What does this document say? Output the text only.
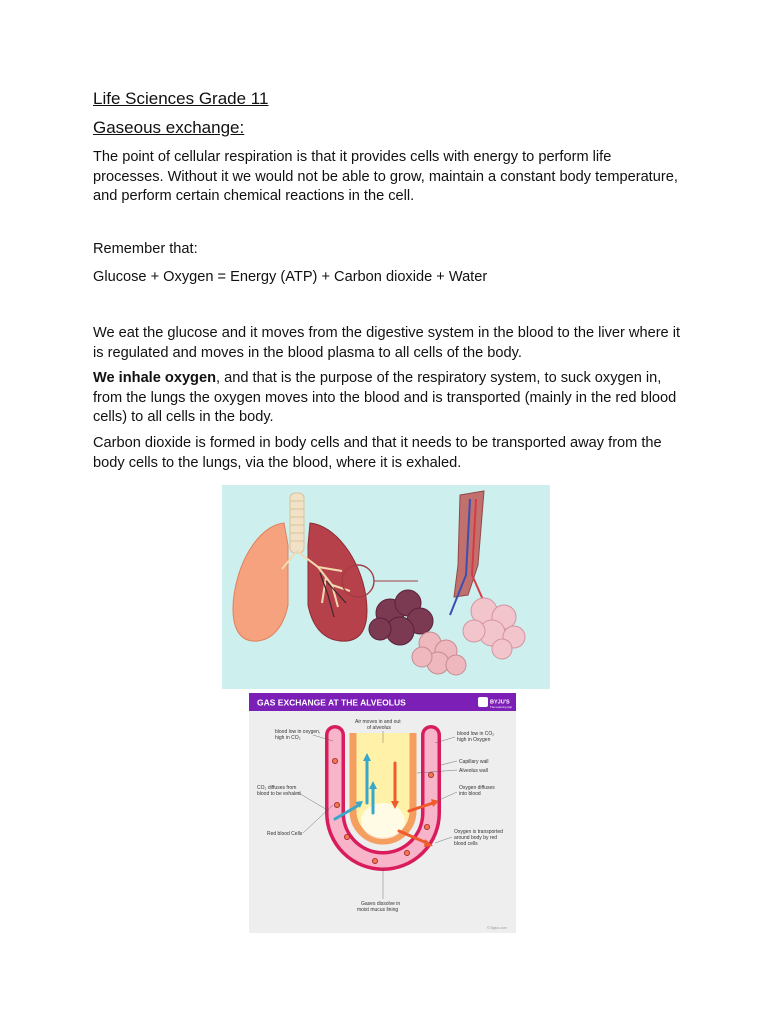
Life Sciences Grade 11
Gaseous exchange:

The point of cellular respiration is that it provides cells with energy to perform life processes. Without it we would not be able to grow, maintain a constant body temperature, and perform certain chemical reactions in the cell.

Remember that:

Glucose + Oxygen = Energy (ATP) + Carbon dioxide + Water

We eat the glucose and it moves from the digestive system in the blood to the liver where it is regulated and moves in the blood plasma to all cells of the body.

We inhale oxygen, and that is the purpose of the respiratory system, to suck oxygen in, from the lungs the oxygen moves into the blood and is transported (mainly in the red blood cells) to all cells in the body.

Carbon dioxide is formed in body cells and that it needs to be transported away from the body cells to the lungs, via the blood, where it is exhaled.

GAS EXCHANGE AT THE ALVEOLUS	BYJU'S
The Learning App
blood low in oxygen,
high in CO₂
Air moves in and out
of alveolus
blood low in CO₂
high in Oxygen
Capillary wall
Alveolus wall
CO₂ diffuses from
blood to be exhaled
Oxygen diffuses
into blood
Red blood Cells	Oxygen is transported
around body by red
blood cells
Gases dissolve in
moist mucus lining
© Byjus.com
